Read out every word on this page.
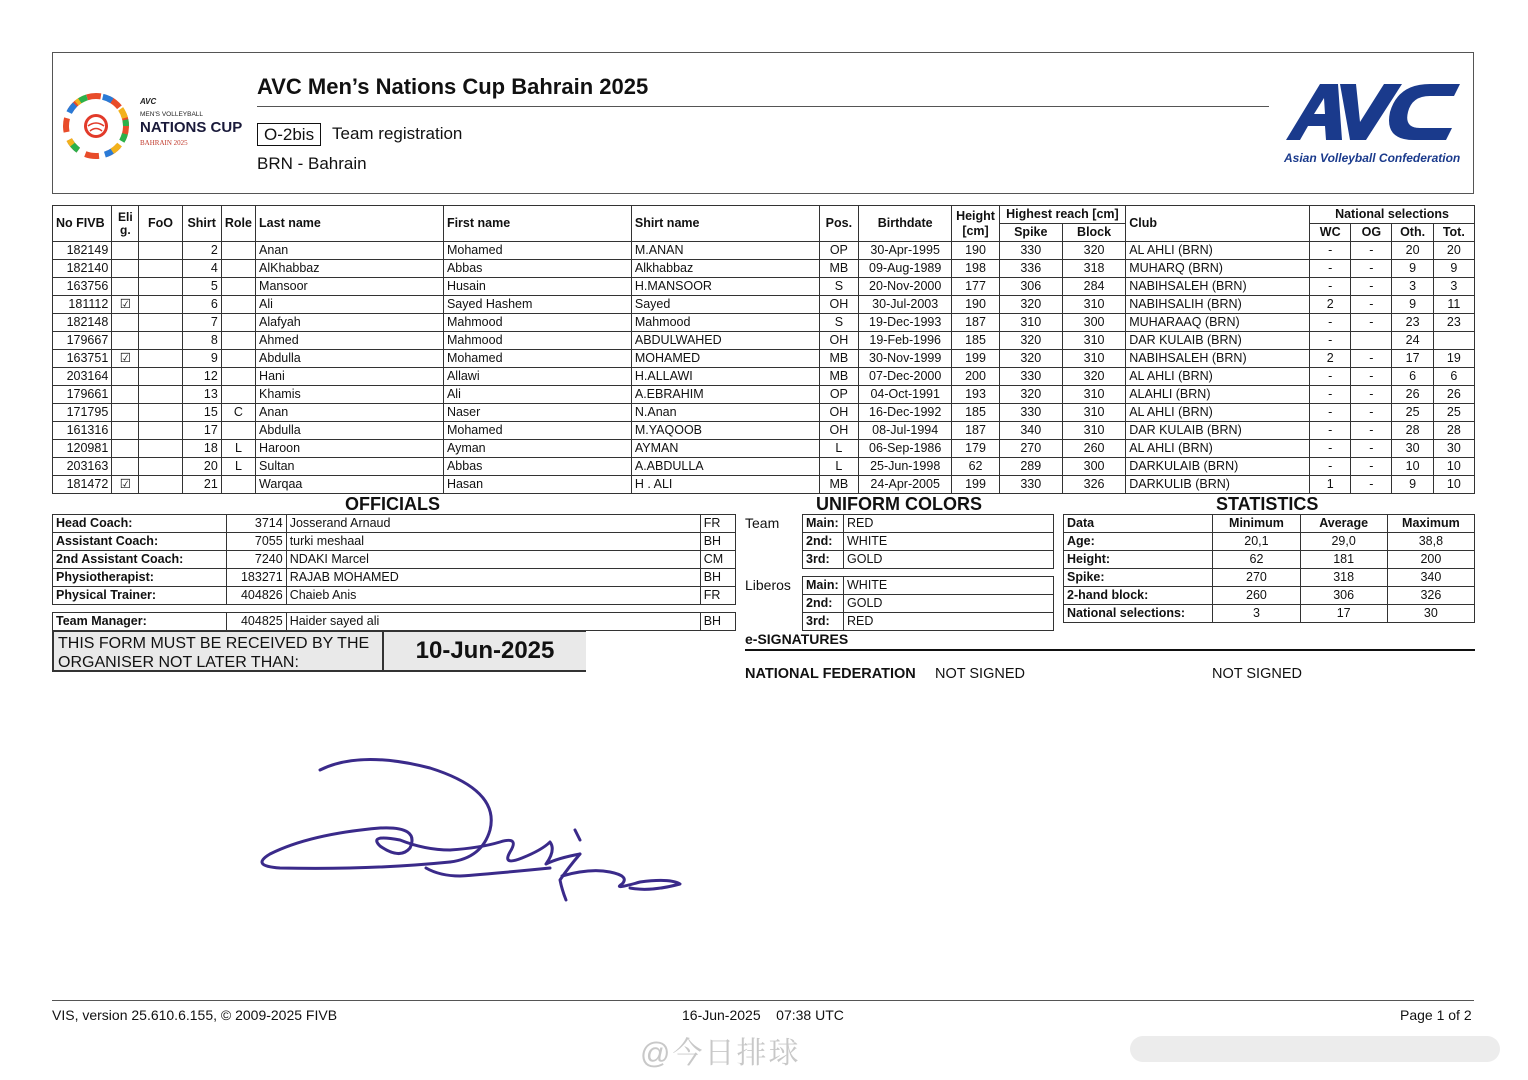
AVC
MEN'S VOLLEYBALL
NATIONS CUP
BAHRAIN 2025
AVC Men’s Nations Cup Bahrain 2025
O-2bis	Team registration
BRN - Bahrain	Asian Volleyball Confederation
No FIVB	Eli g.	FoO	Shirt	Role	Last name	First name	Shirt name	Pos.	Birthdate	Height [cm]	Highest reach [cm]		Club	National selections			
											Spike	Block		WC	OG	Oth.	Tot.
182149			2		Anan	Mohamed	M.ANAN	OP	30-Apr-1995	190	330	320	AL AHLI (BRN)	-	-	20	20
182140			4		AlKhabbaz	Abbas	Alkhabbaz	MB	09-Aug-1989	198	336	318	MUHARQ (BRN)	-	-	9	9
163756			5		Mansoor	Husain	H.MANSOOR	S	20-Nov-2000	177	306	284	NABIHSALEH (BRN)	-	-	3	3
181112	☑		6		Ali	Sayed Hashem	Sayed	OH	30-Jul-2003	190	320	310	NABIHSALIH (BRN)	2	-	9	11
182148			7		Alafyah	Mahmood	Mahmood	S	19-Dec-1993	187	310	300	MUHARAAQ (BRN)	-	-	23	23
179667			8		Ahmed	Mahmood	ABDULWAHED	OH	19-Feb-1996	185	320	310	DAR KULAIB (BRN)	-		24	
163751	☑		9		Abdulla	Mohamed	MOHAMED	MB	30-Nov-1999	199	320	310	NABIHSALEH (BRN)	2	-	17	19
203164			12		Hani	Allawi	H.ALLAWI	MB	07-Dec-2000	200	330	320	AL AHLI (BRN)	-	-	6	6
179661			13		Khamis	Ali	A.EBRAHIM	OP	04-Oct-1991	193	320	310	ALAHLI (BRN)	-	-	26	26
171795			15	C	Anan	Naser	N.Anan	OH	16-Dec-1992	185	330	310	AL AHLI (BRN)	-	-	25	25
161316			17		Abdulla	Mohamed	M.YAQOOB	OH	08-Jul-1994	187	340	310	DAR KULAIB (BRN)	-	-	28	28
120981			18	L	Haroon	Ayman	AYMAN	L	06-Sep-1986	179	270	260	AL AHLI (BRN)	-	-	30	30
203163			20	L	Sultan	Abbas	A.ABDULLA	L	25-Jun-1998	62	289	300	DARKULAIB (BRN)	-	-	10	10
181472	☑		21		Warqaa	Hasan	H . ALI	MB	24-Apr-2005	199	330	326	DARKULIB (BRN)	1	-	9	10
OFFICIALS
Head Coach:	3714	Josserand Arnaud	FR
Assistant Coach:	7055	turki meshaal	BH
2nd Assistant Coach:	7240	NDAKI Marcel	CM
Physiotherapist:	183271	RAJAB MOHAMED	BH
Physical Trainer:	404826	Chaieb Anis	FR
Team Manager:	404825	Haider sayed ali	BH
THIS FORM MUST BE RECEIVED BY THE ORGANISER NOT LATER THAN:	10-Jun-2025
UNIFORM COLORS
Team Main:	RED
2nd:	WHITE
3rd:	GOLD
Liberos Main:	WHITE
2nd:	GOLD
3rd:	RED
STATISTICS
Data	Minimum	Average	Maximum
Age:	20,1	29,0	38,8
Height:	62	181	200
Spike:	270	318	340
2-hand block:	260	306	326
National selections:	3	17	30
e-SIGNATURES
NATIONAL FEDERATION NOT SIGNED	NOT SIGNED
VIS, version 25.610.6.155, © 2009-2025 FIVB	16-Jun-2025    07:38 UTC	Page 1 of 2
@今日排球
